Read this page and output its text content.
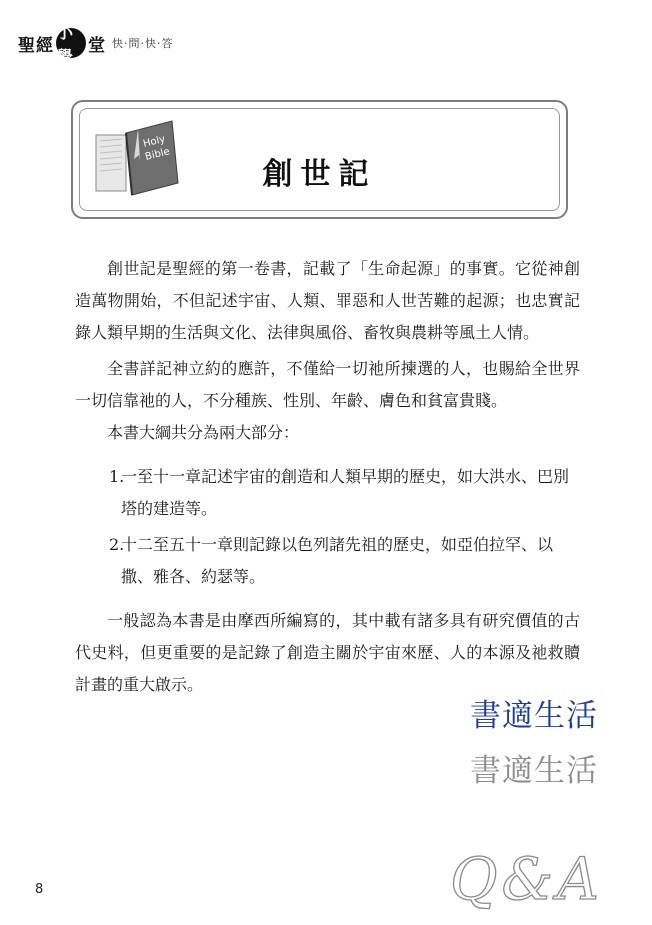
聖經
小學
堂 快‧問‧快‧答
Holy
Bible
創世記

創世記是聖經的第一卷書，記載了「生命起源」的事實。它從神創造萬物開始，不但記述宇宙、人類、罪惡和人世苦難的起源；也忠實記錄人類早期的生活與文化、法律與風俗、畜牧與農耕等風土人情。

全書詳記神立約的應許，不僅給一切祂所揀選的人，也賜給全世界一切信靠祂的人，不分種族、性別、年齡、膚色和貧富貴賤。

本書大綱共分為兩大部分：

1.
一至十一章記述宇宙的創造和人類早期的歷史，如大洪水、巴別塔的建造等。
2.
十二至五十一章則記錄以色列諸先祖的歷史，如亞伯拉罕、以撒、雅各、約瑟等。

一般認為本書是由摩西所編寫的，其中載有諸多具有研究價值的古代史料，但更重要的是記錄了創造主關於宇宙來歷、人的本源及祂救贖計畫的重大啟示。

書適生活
書適生活
Q&A
8
